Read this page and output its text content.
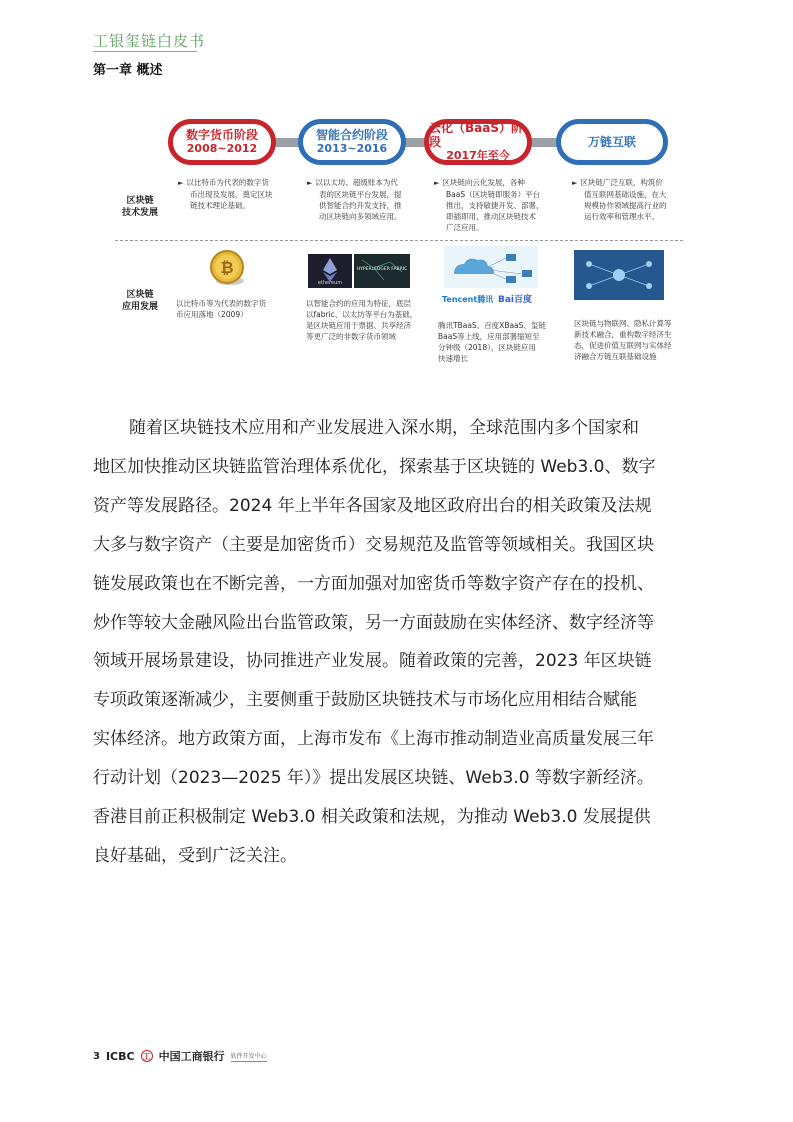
工银玺链白皮书
第一章 概述
数字货币阶段
2008~2012
智能合约阶段
2013~2016
云化（BaaS）阶段
2017年至今
万链互联
区块链
技术发展
区块链
应用发展
► 以比特币为代表的数字货
币出现及发展，奠定区块
链技术理论基础。
► 以以太坊、超级账本为代
表的区块链平台发展，提
供智能合约开发支持，推
动区块链向多领域应用。
► 区块链向云化发展，各种
BaaS（区块链即服务）平台
推出，支持敏捷开发、部署，
即插即用，推动区块链技术
广泛应用。
► 区块链广泛互联，构筑价
值互联网基础设施，在大
规模协作领域提高行业的
运行效率和管理水平。
₿
ethereum
HYPERLEDGER FABRIC
Tencent腾讯 Bai百度
以比特币等为代表的数字货
币应用落地（2009）
以智能合约的应用为特征，底层
以fabric、以太坊等平台为基础，
是区块链应用于票据、共享经济
等更广泛的非数字货币领域
腾讯TBaaS、百度XBaaS、玺链
BaaS等上线，应用部署缩短至
分钟级（2018），区块链应用
快速增长
区块链与物联网、隐私计算等
新技术融合，重构数字经济生
态，促进价值互联网与实体经
济融合万链互联基础设施
随着区块链技术应用和产业发展进入深水期，全球范围内多个国家和
地区加快推动区块链监管治理体系优化，探索基于区块链的 Web3.0、数字
资产等发展路径。2024 年上半年各国家及地区政府出台的相关政策及法规
大多与数字资产（主要是加密货币）交易规范及监管等领域相关。我国区块
链发展政策也在不断完善，一方面加强对加密货币等数字资产存在的投机、
炒作等较大金融风险出台监管政策，另一方面鼓励在实体经济、数字经济等
领域开展场景建设，协同推进产业发展。随着政策的完善，2023 年区块链
专项政策逐渐减少，主要侧重于鼓励区块链技术与市场化应用相结合赋能
实体经济。地方政策方面，上海市发布《上海市推动制造业高质量发展三年
行动计划（2023—2025 年）》提出发展区块链、Web3.0 等数字新经济。
香港目前正积极制定 Web3.0 相关政策和法规，为推动 Web3.0 发展提供
良好基础，受到广泛关注。
3 ICBC 工 中国工商银行 软件开发中心
